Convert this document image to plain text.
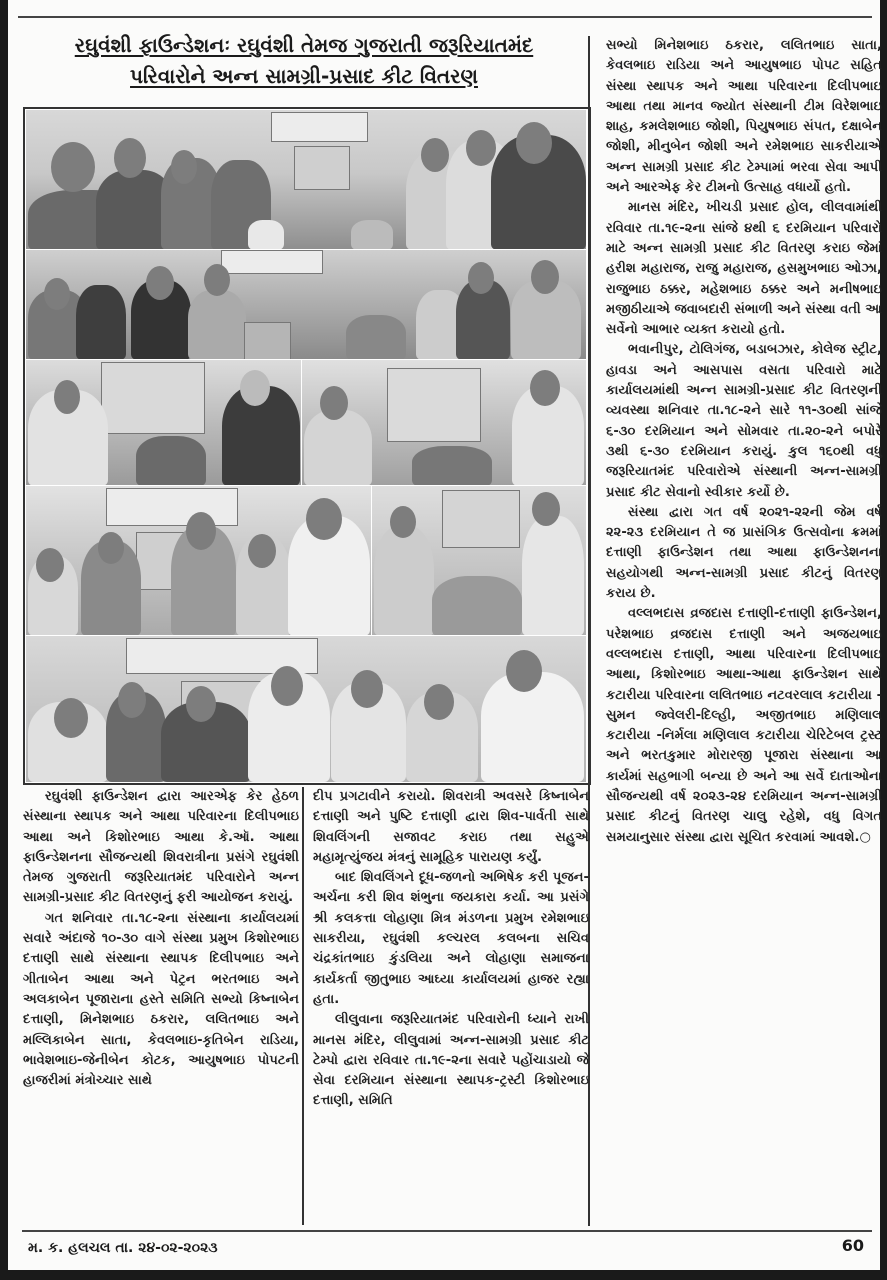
રઘુવંશી ફાઉન્ડેશનઃ રઘુવંશી તેમજ ગુજરાતી જરૂરિયાતમંદ
પરિવારોને અન્ન સામગ્રી-પ્રસાદ કીટ વિતરણ

રઘુવંશી ફાઉન્ડેશન દ્વારા આરએફ કેર હેઠળ સંસ્થાના સ્થાપક અને આથા પરિવારના દિલીપભાઇ આથા અને કિશોરભાઇ આથા કે.ઑ. આથા ફાઉન્ડેશનના સૌજન્યથી શિવરાત્રીના પ્રસંગે રઘુવંશી તેમજ ગુજરાતી જરૂરિયાતમંદ પરિવારોને અન્ન સામગ્રી-પ્રસાદ કીટ વિતરણનું ફરી આયોજન કરાયું.

ગત શનિવાર તા.૧૮-૨ના સંસ્થાના કાર્યાલયમાં સવારે અંદાજે ૧૦-૩૦ વાગે સંસ્થા પ્રમુખ કિશોરભાઇ દત્તાણી સાથે સંસ્થાના સ્થાપક દિલીપભાઇ અને ગીતાબેન આથા અને પેટ્રન ભરતભાઇ અને અલકાબેન પૂજારાના હસ્તે સમિતિ સભ્યો કિષ્નાબેન દત્તાણી, મિનેશભાઇ ઠકરાર, લલિતભાઇ અને મલ્લિકાબેન સાતા, કેવલભાઇ-કૃતિબેન રાડિયા, ભાવેશભાઇ-જેનીબેન કોટક, આયુષભાઇ પોપટની હાજરીમાં મંત્રોચ્ચાર સાથે

દીપ પ્રગટાવીને કરાયો. શિવરાત્રી અવસરે કિષ્નાબેન દત્તાણી અને પુષ્ટિ દત્તાણી દ્વારા શિવ-પાર્વતી સાથે શિવલિંગની સજાવટ કરાઇ તથા સહુએ મહામૃત્યુંજય મંત્રનું સામૂહિક પારાયણ કર્યું.

બાદ શિવલિંગને દૂધ-જળનો અભિષેક કરી પૂજન-અર્ચના કરી શિવ શંભુના જયકારા કર્યા. આ પ્રસંગે શ્રી કલકત્તા લોહાણા મિત્ર મંડળના પ્રમુખ રમેશભાઇ સાકરીયા, રઘુવંશી કલ્ચરલ કલબના સચિવ ચંદ્રકાંતભાઇ કુંડલિયા અને લોહાણા સમાજના કાર્યકર્તા જીતુભાઇ આઘ્યા કાર્યાલયમાં હાજર રહ્યા હતા.

લીલુવાના જરૂરિયાતમંદ પરિવારોની ધ્યાને રાખી માનસ મંદિર, લીલુવામાં અન્ન-સામગ્રી પ્રસાદ કીટ ટેમ્પો દ્વારા રવિવાર તા.૧૯-૨ના સવારે પહોંચાડાયો જે સેવા દરમિયાન સંસ્થાના સ્થાપક-ટ્રસ્ટી કિશોરભાઇ દત્તાણી, સમિતિ

સભ્યો મિનેશભાઇ ઠકરાર, લલિતભાઇ સાતા, કેવલભાઇ રાડિયા અને આયુષભાઇ પોપટ સહિત સંસ્થા સ્થાપક અને આથા પરિવારના દિલીપભાઇ આથા તથા માનવ જ્યોત સંસ્થાની ટીમ વિરેશભાઇ શાહ, કમલેશભાઇ જોશી, પિયુષભાઇ સંપત, દક્ષાબેન જોશી, મીનુબેન જોશી અને રમેશભાઇ સાકરીયાએ અન્ન સામગ્રી પ્રસાદ કીટ ટેમ્પામાં ભરવા સેવા આપી અને આરએફ કેર ટીમનો ઉત્સાહ વધાર્યો હતો.

માનસ મંદિર, ખીચડી પ્રસાદ હોલ, લીલવામાંથી રવિવાર તા.૧૯-૨ના સાંજે ૪થી ૬ દરમિયાન પરિવારો માટે અન્ન સામગ્રી પ્રસાદ કીટ વિતરણ કરાઇ જેમાં હરીશ મહારાજ, રાજુ મહારાજ, હસમુખભાઇ ઓઝા, રાજુભાઇ ઠક્કર, મહેશભાઇ ઠક્કર અને મનીષભાઇ મજીઠીયાએ જવાબદારી સંભાળી અને સંસ્થા વતી આ સર્વેનો આભાર વ્યક્ત કરાયો હતો.

ભવાનીપુર, ટોલિગંજ, બડાબઝાર, કોલેજ સ્ટ્રીટ, હાવડા અને આસપાસ વસતા પરિવારો માટે કાર્યાલયમાંથી અન્ન સામગ્રી-પ્રસાદ કીટ વિતરણની વ્યવસ્થા શનિવાર તા.૧૮-૨ને સારે ૧૧-૩૦થી સાંજે ૬-૩૦ દરમિયાન અને સોમવાર તા.૨૦-૨ને બપોરે ૩થી ૬-૩૦ દરમિયાન કરાયું. કુલ ૧૬૦થી વધુ જરૂરિયાતમંદ પરિવારોએ સંસ્થાની અન્ન-સામગ્રી પ્રસાદ કીટ સેવાનો સ્વીકાર કર્યો છે.

સંસ્થા દ્વારા ગત વર્ષ ૨૦૨૧-૨૨ની જેમ વર્ષ ૨૨-૨૩ દરમિયાન તે જ પ્રાસંગિક ઉત્સવોના ક્રમમાં દત્તાણી ફાઉન્ડેશન તથા આથા ફાઉન્ડેશનના સહયોગથી અન્ન-સામગ્રી પ્રસાદ કીટનું વિતરણ કરાય છે.

વલ્લભદાસ વ્રજદાસ દત્તાણી-દત્તાણી ફાઉન્ડેશન, પરેશભાઇ વ્રજદાસ દત્તાણી અને અજયભાઇ વલ્લભદાસ દત્તાણી, આથા પરિવારના દિલીપભાઇ આથા, કિશોરભાઇ આથા-આથા ફાઉન્ડેશન સાથે કટારીયા પરિવારના લલિતભાઇ નટવરલાલ કટારીયા - સુમન જ્વેલરી-દિલ્હી, અજીતભાઇ મણિલાલ કટારીયા -નિર્મલા મણિલાલ કટારીયા ચેરિટેબલ ટ્રસ્ટ અને ભરતકુમાર મોરારજી પૂજારા સંસ્થાના આ કાર્યમાં સહભાગી બન્યા છે અને આ સર્વે દાતાઓના સૌજન્યથી વર્ષ ૨૦૨૩-૨૪ દરમિયાન અન્ન-સામગ્રી પ્રસાદ કીટનું વિતરણ ચાલુ રહેશે, વધુ વિગત સમયાનુસાર સંસ્થા દ્વારા સૂચિત કરવામાં આવશે.○

મ. ક. હલચલ તા. ૨૪-૦૨-૨૦૨૩	60
